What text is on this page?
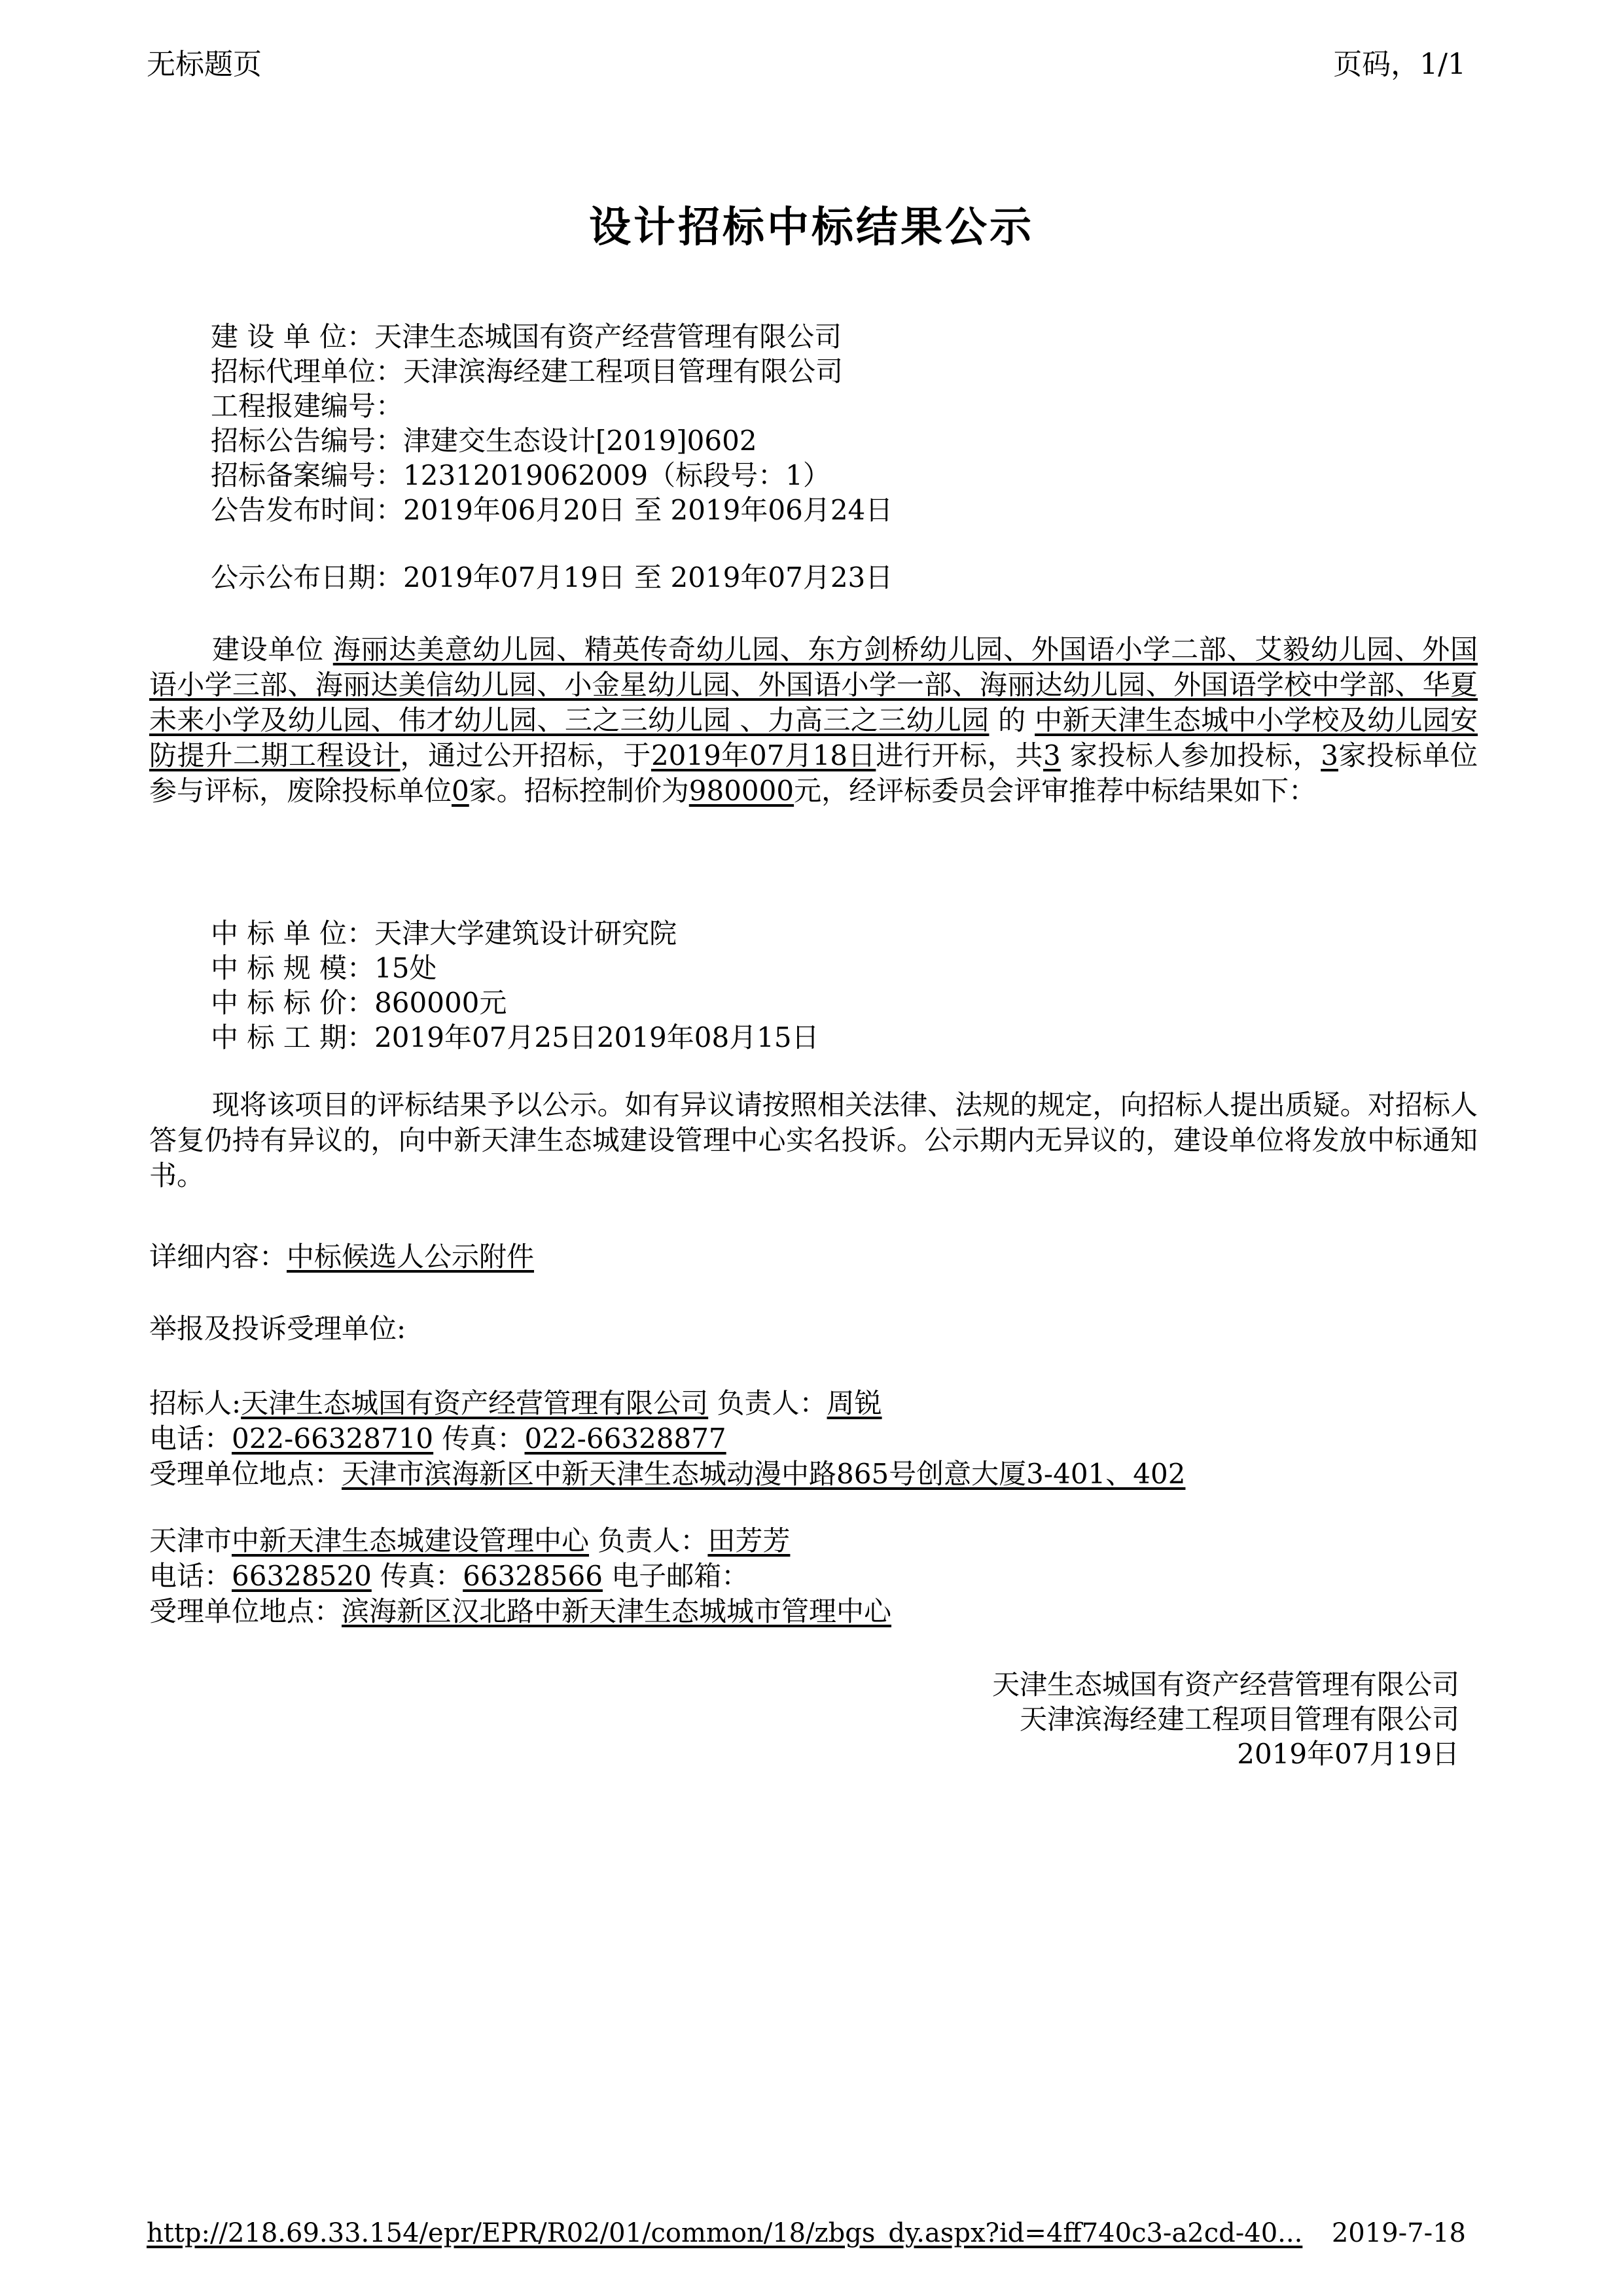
无标题页	页码，1/1
设计招标中标结果公示
建 设 单 位：天津生态城国有资产经营管理有限公司
招标代理单位：天津滨海经建工程项目管理有限公司
工程报建编号：
招标公告编号：津建交生态设计[2019]0602
招标备案编号：12312019062009（标段号：1）
公告发布时间：2019年06月20日 至 2019年06月24日
公示公布日期：2019年07月19日 至 2019年07月23日
建设单位 海丽达美意幼儿园、精英传奇幼儿园、东方剑桥幼儿园、外国语小学二部、艾毅幼儿园、外国语小学三部、海丽达美信幼儿园、小金星幼儿园、外国语小学一部、海丽达幼儿园、外国语学校中学部、华夏未来小学及幼儿园、伟才幼儿园、三之三幼儿园 、力高三之三幼儿园 的 中新天津生态城中小学校及幼儿园安防提升二期工程设计，通过公开招标，于2019年07月18日进行开标，共3 家投标人参加投标，3家投标单位参与评标，废除投标单位0家。招标控制价为980000元，经评标委员会评审推荐中标结果如下：
中 标 单 位：天津大学建筑设计研究院
中 标 规 模：15处
中 标 标 价：860000元
中 标 工 期：2019年07月25日2019年08月15日
现将该项目的评标结果予以公示。如有异议请按照相关法律、法规的规定，向招标人提出质疑。对招标人答复仍持有异议的，向中新天津生态城建设管理中心实名投诉。公示期内无异议的，建设单位将发放中标通知书。
详细内容：中标候选人公示附件
举报及投诉受理单位:
招标人:天津生态城国有资产经营管理有限公司 负责人：周锐
电话：022-66328710 传真：022-66328877
受理单位地点：天津市滨海新区中新天津生态城动漫中路865号创意大厦3-401、402
天津市中新天津生态城建设管理中心 负责人：田芳芳
电话：66328520 传真：66328566 电子邮箱：
受理单位地点：滨海新区汉北路中新天津生态城城市管理中心
天津生态城国有资产经营管理有限公司
天津滨海经建工程项目管理有限公司
2019年07月19日
http://218.69.33.154/epr/EPR/R02/01/common/18/zbgs_dy.aspx?id=4ff740c3-a2cd-40... 2019-7-18
